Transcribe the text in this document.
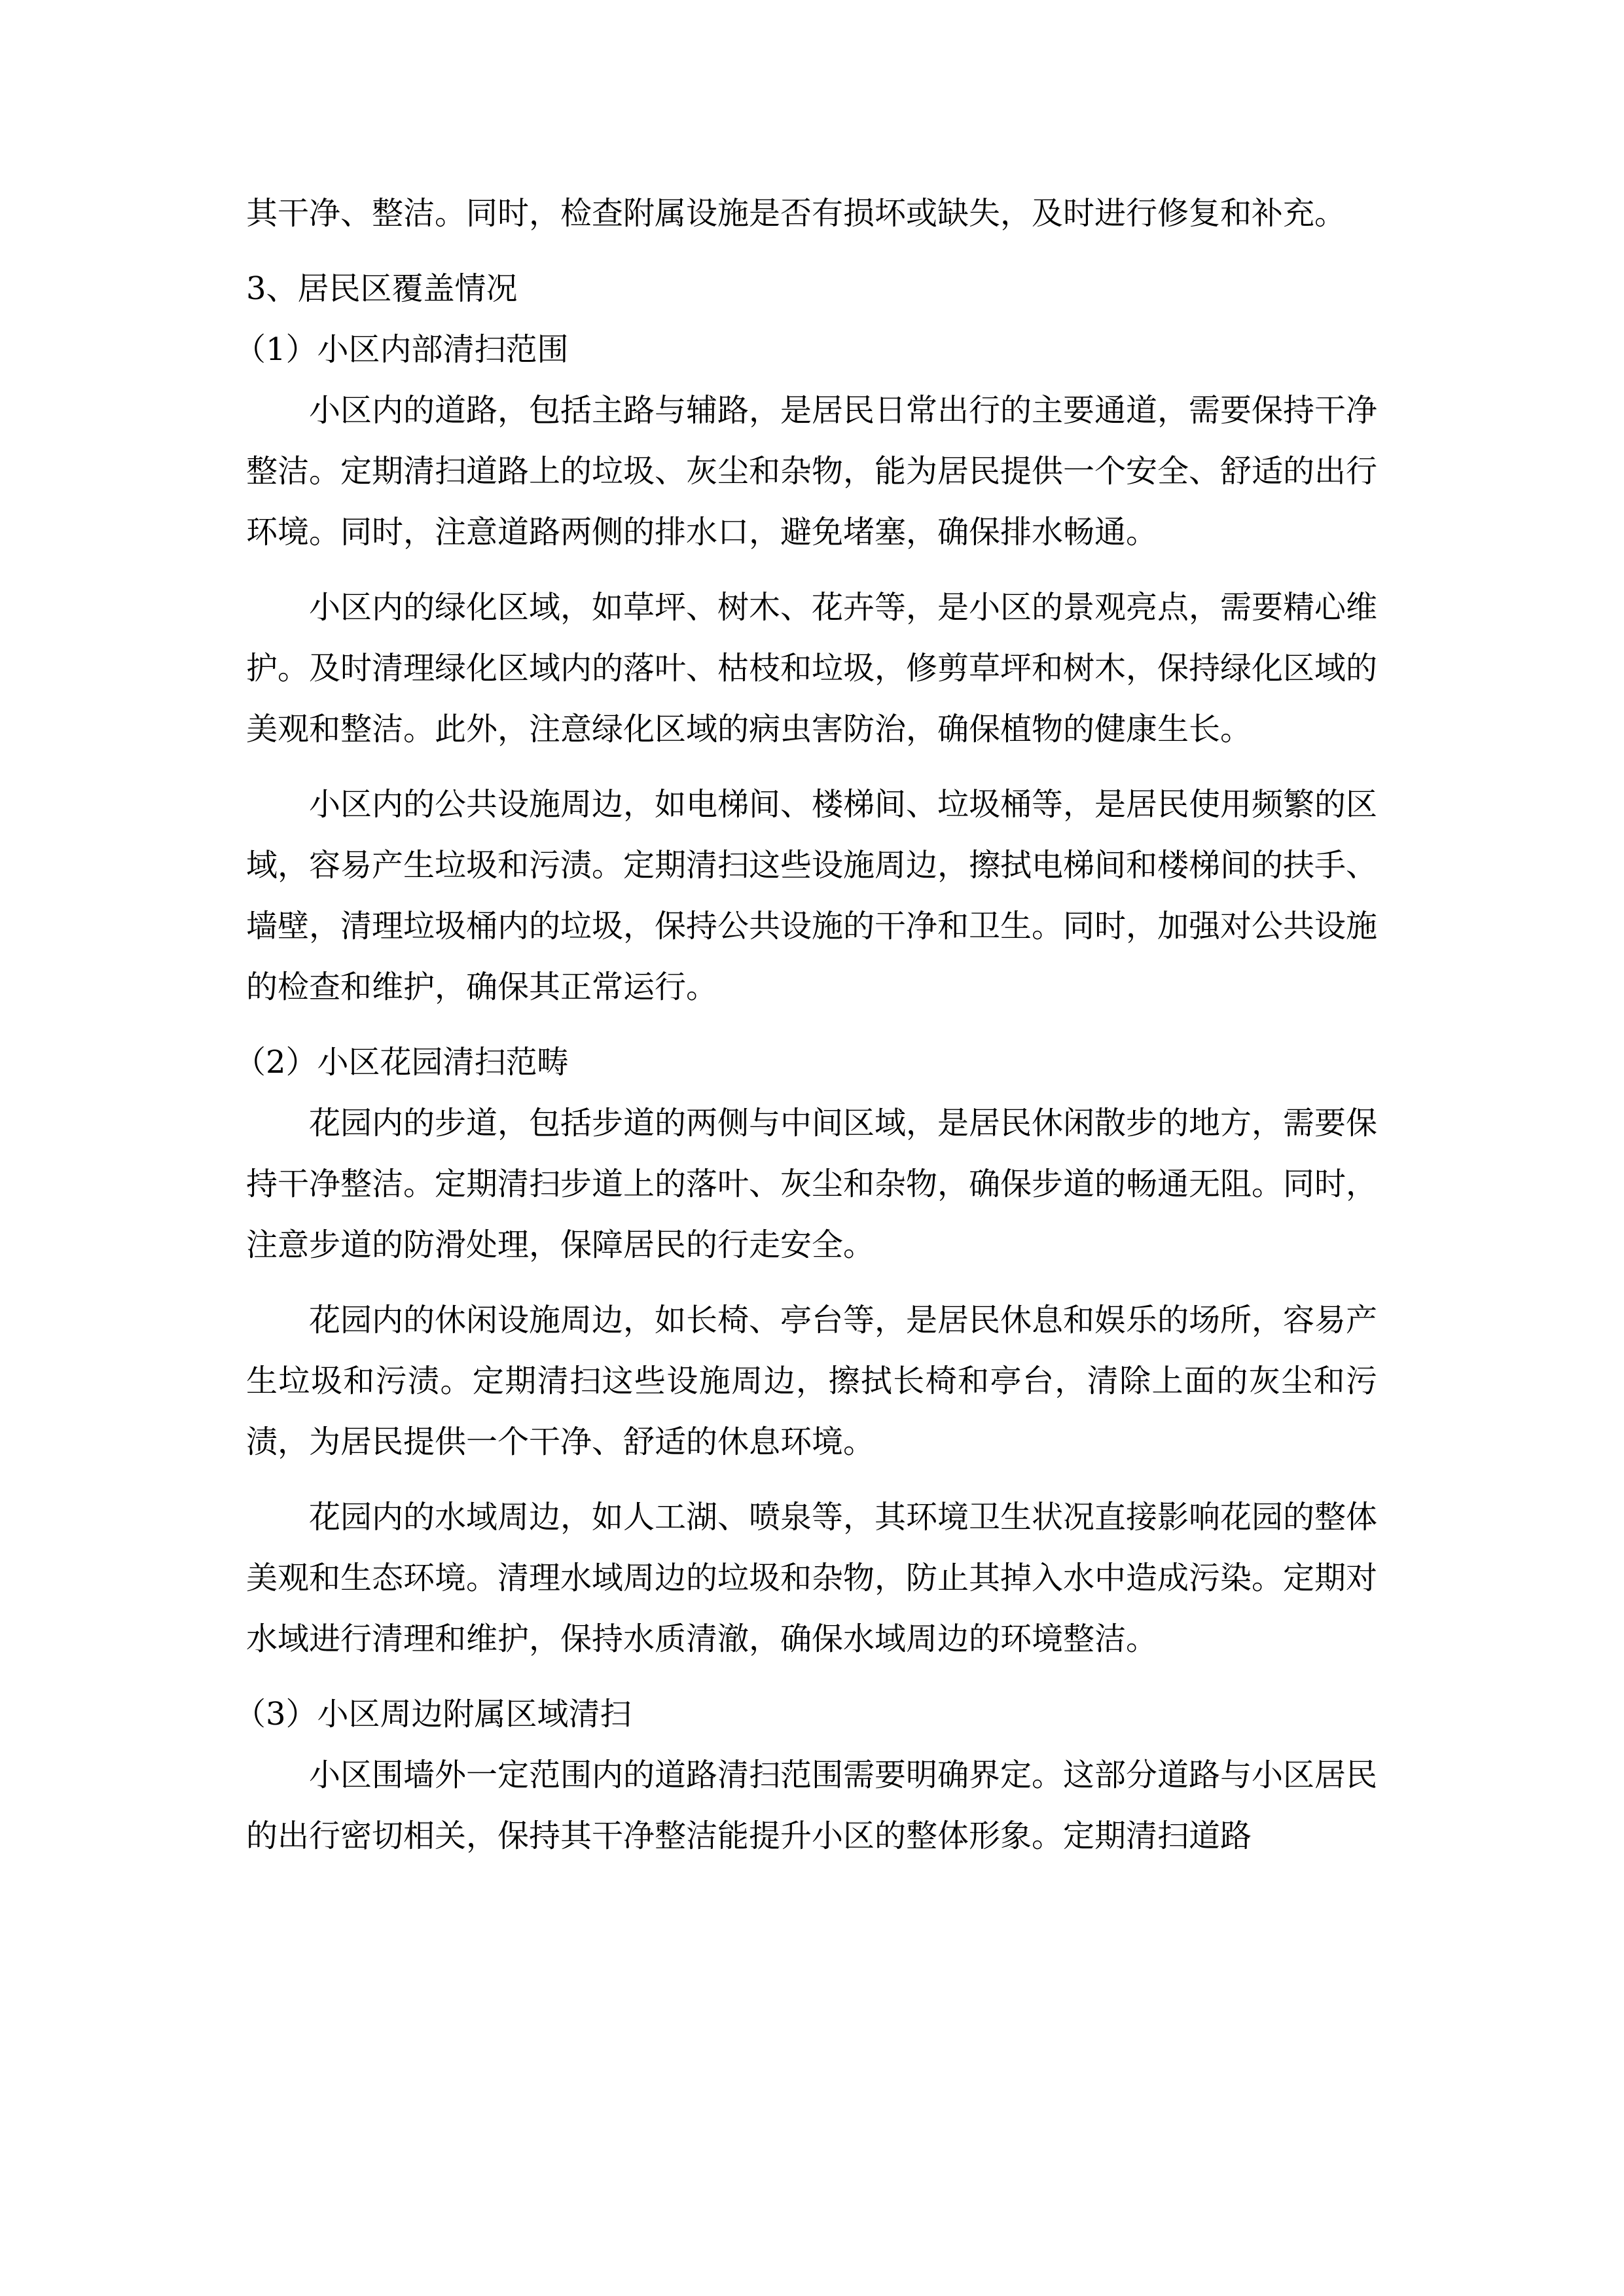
其干净、整洁。同时，检查附属设施是否有损坏或缺失，及时进行修复和补充。

3、居民区覆盖情况

（1）小区内部清扫范围

小区内的道路，包括主路与辅路，是居民日常出行的主要通道，需要保持干净整洁。定期清扫道路上的垃圾、灰尘和杂物，能为居民提供一个安全、舒适的出行环境。同时，注意道路两侧的排水口，避免堵塞，确保排水畅通。

小区内的绿化区域，如草坪、树木、花卉等，是小区的景观亮点，需要精心维护。及时清理绿化区域内的落叶、枯枝和垃圾，修剪草坪和树木，保持绿化区域的美观和整洁。此外，注意绿化区域的病虫害防治，确保植物的健康生长。

小区内的公共设施周边，如电梯间、楼梯间、垃圾桶等，是居民使用频繁的区域，容易产生垃圾和污渍。定期清扫这些设施周边，擦拭电梯间和楼梯间的扶手、墙壁，清理垃圾桶内的垃圾，保持公共设施的干净和卫生。同时，加强对公共设施的检查和维护，确保其正常运行。

（2）小区花园清扫范畴

花园内的步道，包括步道的两侧与中间区域，是居民休闲散步的地方，需要保持干净整洁。定期清扫步道上的落叶、灰尘和杂物，确保步道的畅通无阻。同时，注意步道的防滑处理，保障居民的行走安全。

花园内的休闲设施周边，如长椅、亭台等，是居民休息和娱乐的场所，容易产生垃圾和污渍。定期清扫这些设施周边，擦拭长椅和亭台，清除上面的灰尘和污渍，为居民提供一个干净、舒适的休息环境。

花园内的水域周边，如人工湖、喷泉等，其环境卫生状况直接影响花园的整体美观和生态环境。清理水域周边的垃圾和杂物，防止其掉入水中造成污染。定期对水域进行清理和维护，保持水质清澈，确保水域周边的环境整洁。

（3）小区周边附属区域清扫

小区围墙外一定范围内的道路清扫范围需要明确界定。这部分道路与小区居民的出行密切相关，保持其干净整洁能提升小区的整体形象。定期清扫道路
